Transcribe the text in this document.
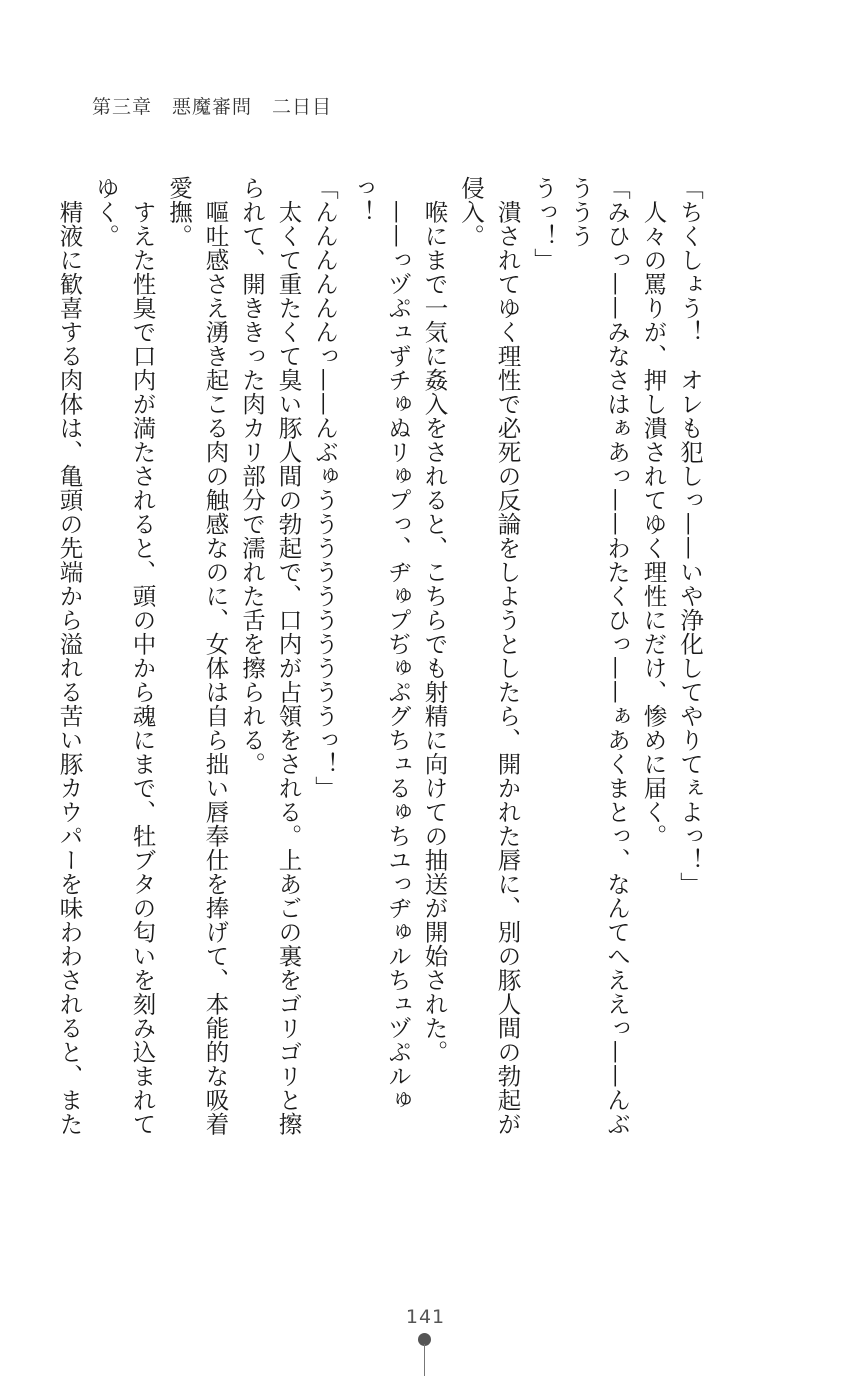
第三章　悪魔審問　二日目

「ちくしょう！　オレも犯しっ——いや浄化してやりてぇよっ！」

人々の罵りが、押し潰されてゆく理性にだけ、惨めに届く。

「みひっ——みなさはぁあっ——わたくひっ——ぁあくまとっ、なんてへええっ——んぶううう

うっ！」

潰されてゆく理性で必死の反論をしようとしたら、開かれた唇に、別の豚人間の勃起が

侵入。

喉にまで一気に姦入をされると、こちらでも射精に向けての抽送が開始された。

——っヅぷュずチゅぬリゅプっ、ヂゅプぢゅぷグちュるゅちユっヂゅルちュヅぷルゅ

っ！

「んんんんんんっ——んぶゅううううううううううっ！」

太くて重たくて臭い豚人間の勃起で、口内が占領をされる。上あごの裏をゴリゴリと擦

られて、開ききった肉カリ部分で濡れた舌を擦られる。

嘔吐感さえ湧き起こる肉の触感なのに、女体は自ら拙い唇奉仕を捧げて、本能的な吸着

愛撫。

すえた性臭で口内が満たされると、頭の中から魂にまで、牡ブタの匂いを刻み込まれて

ゆく。

精液に歓喜する肉体は、亀頭の先端から溢れる苦い豚カウパーを味わわされると、また

141
